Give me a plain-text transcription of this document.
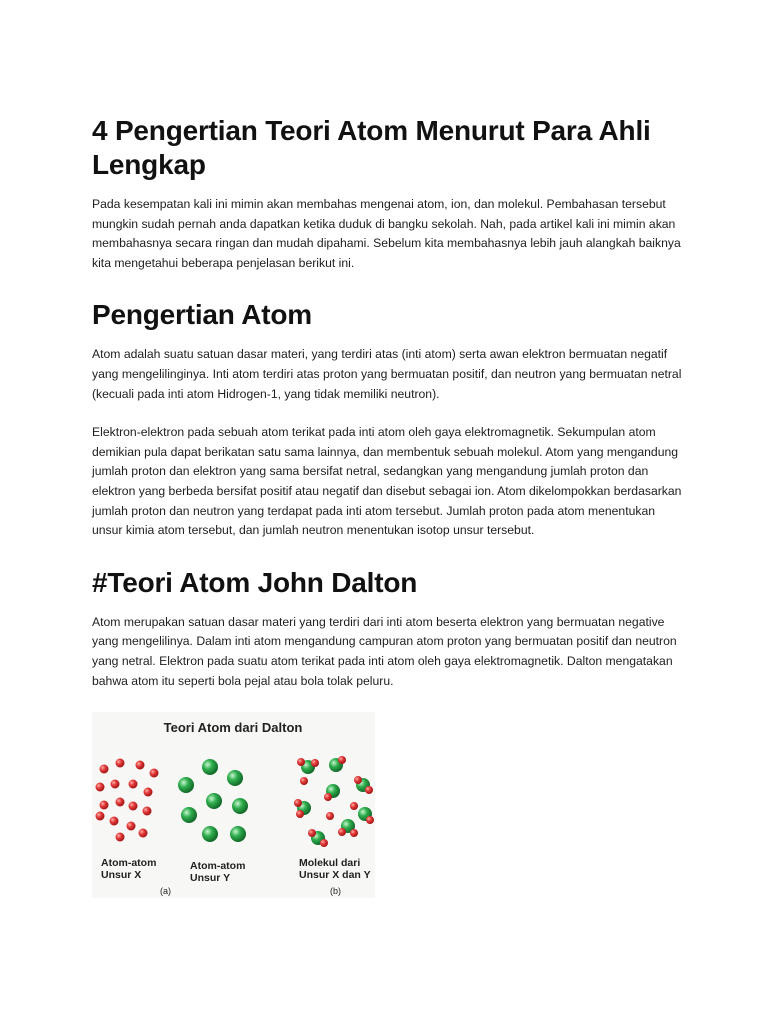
4 Pengertian Teori Atom Menurut Para Ahli Lengkap

Pada kesempatan kali ini mimin akan membahas mengenai atom, ion, dan molekul. Pembahasan tersebut mungkin sudah pernah anda dapatkan ketika duduk di bangku sekolah. Nah, pada artikel kali ini mimin akan membahasnya secara ringan dan mudah dipahami. Sebelum kita membahasnya lebih jauh alangkah baiknya kita mengetahui beberapa penjelasan berikut ini.

Pengertian Atom

Atom adalah suatu satuan dasar materi, yang terdiri atas (inti atom) serta awan elektron bermuatan negatif yang mengelilinginya. Inti atom terdiri atas proton yang bermuatan positif, dan neutron yang bermuatan netral (kecuali pada inti atom Hidrogen-1, yang tidak memiliki neutron).

Elektron-elektron pada sebuah atom terikat pada inti atom oleh gaya elektromagnetik. Sekumpulan atom demikian pula dapat berikatan satu sama lainnya, dan membentuk sebuah molekul. Atom yang mengandung jumlah proton dan elektron yang sama bersifat netral, sedangkan yang mengandung jumlah proton dan elektron yang berbeda bersifat positif atau negatif dan disebut sebagai ion. Atom dikelompokkan berdasarkan jumlah proton dan neutron yang terdapat pada inti atom tersebut. Jumlah proton pada atom menentukan unsur kimia atom tersebut, dan jumlah neutron menentukan isotop unsur tersebut.

#Teori Atom John Dalton

Atom merupakan satuan dasar materi yang terdiri dari inti atom beserta elektron yang bermuatan negative yang mengelilinya. Dalam inti atom mengandung campuran atom proton yang bermuatan positif dan neutron yang netral. Elektron pada suatu atom terikat pada inti atom oleh gaya elektromagnetik. Dalton mengatakan bahwa atom itu seperti bola pejal atau bola tolak peluru.

Teori Atom dari Dalton
Atom-atom
Unsur X
Atom-atom
Unsur Y
Molekul dari
Unsur X dan Y
(a)	(b)
